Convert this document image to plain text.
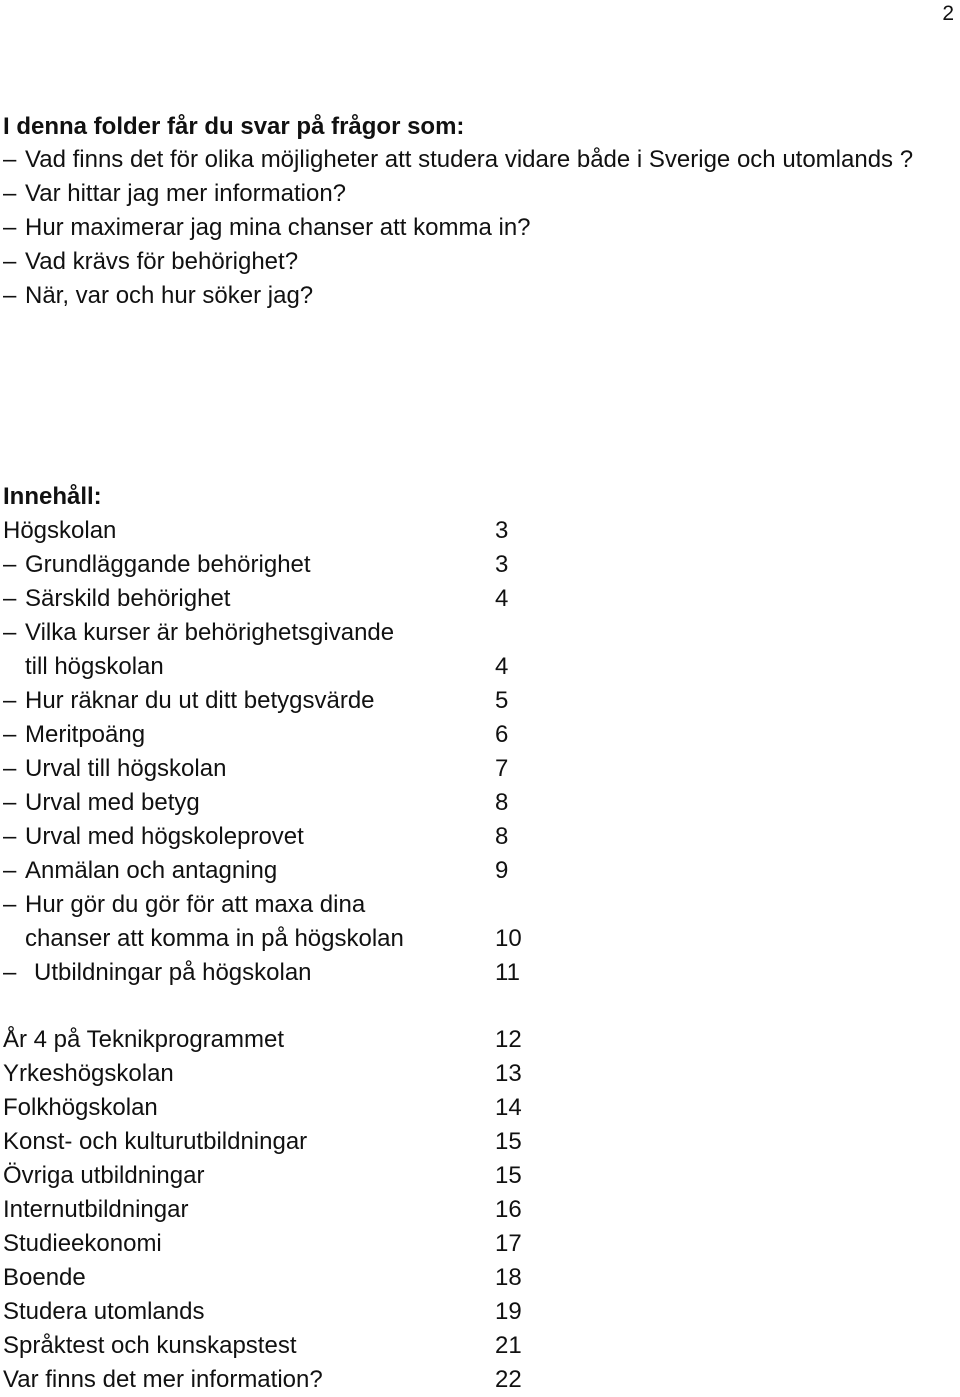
2
I denna folder får du svar på frågor som:
– Vad finns det för olika möjligheter att studera vidare både i Sverige och utomlands ?
– Var hittar jag mer information?
– Hur maximerar jag mina chanser att komma in?
– Vad krävs för behörighet?
– När, var och hur söker jag?
Innehåll:
Högskolan	3
– Grundläggande behörighet	3
– Särskild behörighet	4
– Vilka kurser är behörighetsgivande
till högskolan	4
– Hur räknar du ut ditt betygsvärde	5
– Meritpoäng	6
– Urval till högskolan	7
– Urval med betyg	8
– Urval med högskoleprovet	8
– Anmälan och antagning	9
– Hur gör du gör för att maxa dina
chanser att komma in på högskolan	10
– Utbildningar på högskolan	11
År 4 på Teknikprogrammet	12
Yrkeshögskolan	13
Folkhögskolan	14
Konst- och kulturutbildningar	15
Övriga utbildningar	15
Internutbildningar	16
Studieekonomi	17
Boende	18
Studera utomlands	19
Språktest och kunskapstest	21
Var finns det mer information?	22
